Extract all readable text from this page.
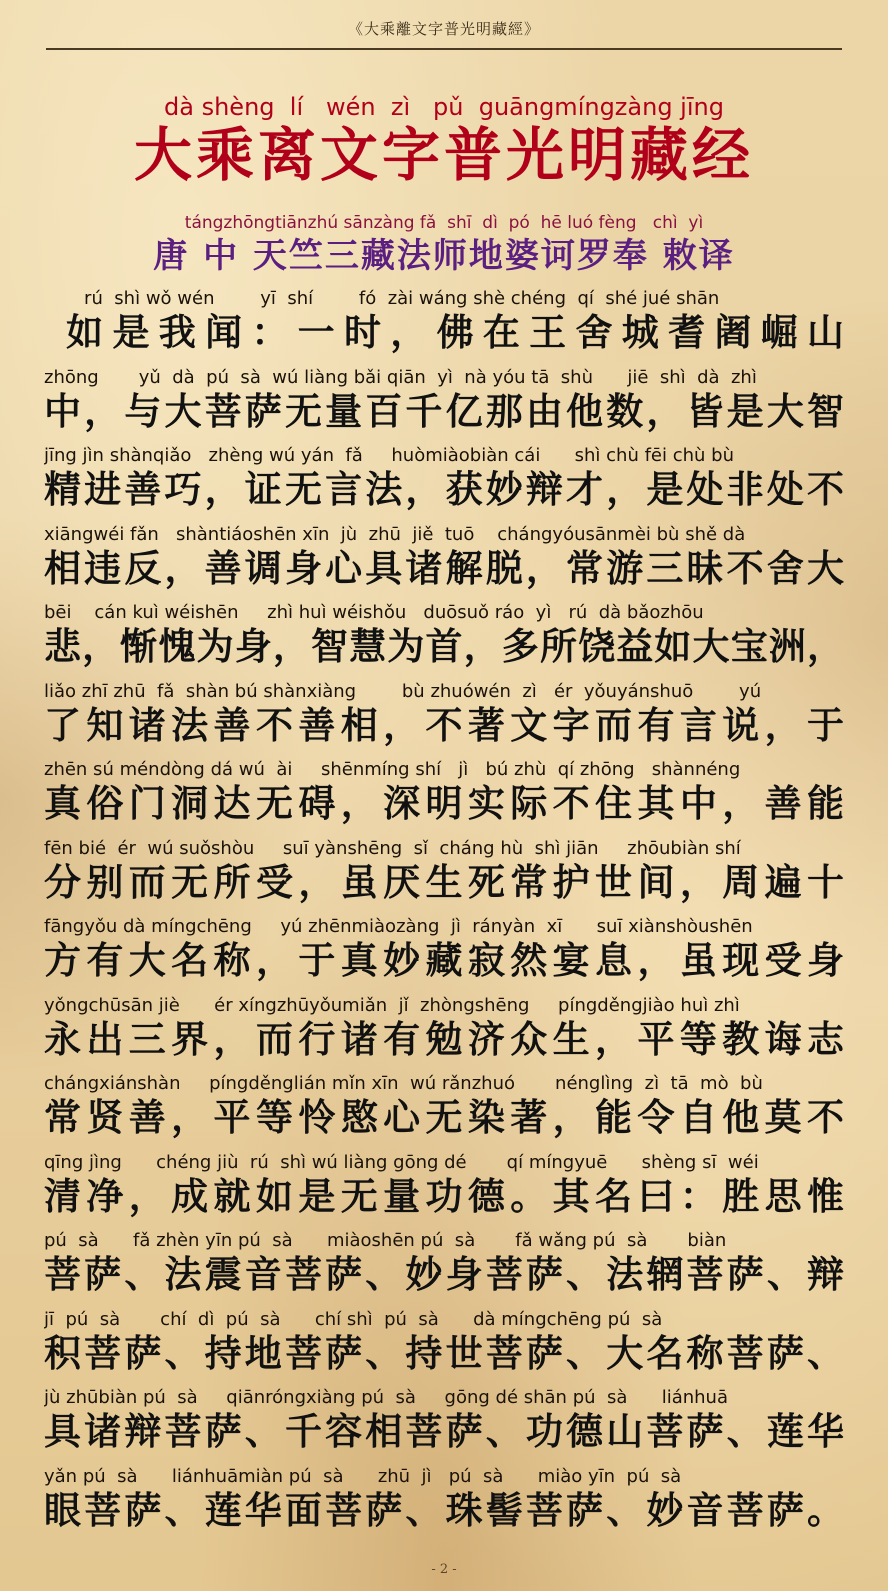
《大乘離文字普光明藏經》
dà shèng  lí   wén  zì   pǔ  guāngmíngzàng jīng
大乘离文字普光明藏经
tángzhōngtiānzhú sānzàng fǎ  shī  dì  pó  hē luó fèng   chì  yì
唐 中 天竺三藏法师地婆诃罗奉 敕译
rú  shì wǒ wén        yī  shí        fó  zài wáng shè chéng  qí  shé jué shān
​ ​如​是​我​闻​：​一​时​，​佛​在​王​舍​城​耆​阇​崛​山
zhōng       yǔ  dà  pú  sà  wú liàng bǎi qiān  yì  nà yóu tā  shù      jiē  shì  dà  zhì
中​，​与​大​菩​萨​无​量​百​千​亿​那​由​他​数​，​皆​是​大​智
jīng jìn shànqiǎo   zhèng wú yán  fǎ     huòmiàobiàn cái      shì chù fēi chù bù
精​进​善​巧​，​证​无​言​法​，​获​妙​辩​才​，​是​处​非​处​不
xiāngwéi fǎn   shàntiáoshēn xīn  jù  zhū  jiě  tuō    chángyóusānmèi bù shě dà
相​违​反​，​善​调​身​心​具​诸​解​脱​，​常​游​三​昧​不​舍​大
bēi    cán kuì wéishēn     zhì huì wéishǒu   duōsuǒ ráo  yì   rú  dà bǎozhōu
悲​，​惭​愧​为​身​，​智​慧​为​首​，​多​所​饶​益​如​大​宝​洲​，
liǎo zhī zhū  fǎ  shàn bú shànxiàng        bù zhuówén  zì   ér  yǒuyánshuō        yú
了​知​诸​法​善​不​善​相​，​不​著​文​字​而​有​言​说​，​于
zhēn sú méndòng dá wú  ài     shēnmíng shí   jì   bú zhù  qí zhōng   shànnéng
真​俗​门​洞​达​无​碍​，​深​明​实​际​不​住​其​中​，​善​能
fēn bié  ér  wú suǒshòu     suī yànshēng  sǐ  cháng hù  shì jiān     zhōubiàn shí
分​别​而​无​所​受​，​虽​厌​生​死​常​护​世​间​，​周​遍​十
fāngyǒu dà míngchēng     yú zhēnmiàozàng  jì  rányàn  xī      suī xiànshòushēn
方​有​大​名​称​，​于​真​妙​藏​寂​然​宴​息​，​虽​现​受​身
yǒngchūsān jiè      ér xíngzhūyǒumiǎn  jǐ  zhòngshēng     píngděngjiào huì zhì
永​出​三​界​，​而​行​诸​有​勉​济​众​生​，​平​等​教​诲​志
chángxiánshàn     píngděnglián mǐn xīn  wú rǎnzhuó       nénglìng  zì  tā  mò  bù
常​贤​善​，​平​等​怜​愍​心​无​染​著​，​能​令​自​他​莫​不
qīng jìng      chéng jiù  rú  shì wú liàng gōng dé       qí míngyuē      shèng sī  wéi
清​净​，​成​就​如​是​无​量​功​德​。​其​名​曰​：​胜​思​惟
pú  sà      fǎ zhèn yīn pú  sà      miàoshēn pú  sà       fǎ wǎng pú  sà       biàn
菩​萨​、​法​震​音​菩​萨​、​妙​身​菩​萨​、​法​辋​菩​萨​、​辩
jī  pú  sà       chí  dì  pú  sà      chí shì  pú  sà      dà míngchēng pú  sà
积​菩​萨​、​持​地​菩​萨​、​持​世​菩​萨​、​大​名​称​菩​萨​、
jù zhūbiàn pú  sà     qiānróngxiàng pú  sà     gōng dé shān pú  sà      liánhuā
具​诸​辩​菩​萨​、​千​容​相​菩​萨​、​功​德​山​菩​萨​、​莲​华
yǎn pú  sà      liánhuāmiàn pú  sà      zhū  jì   pú  sà      miào yīn  pú  sà
眼​菩​萨​、​莲​华​面​菩​萨​、​珠​髻​菩​萨​、​妙​音​菩​萨​。
- 2 -
